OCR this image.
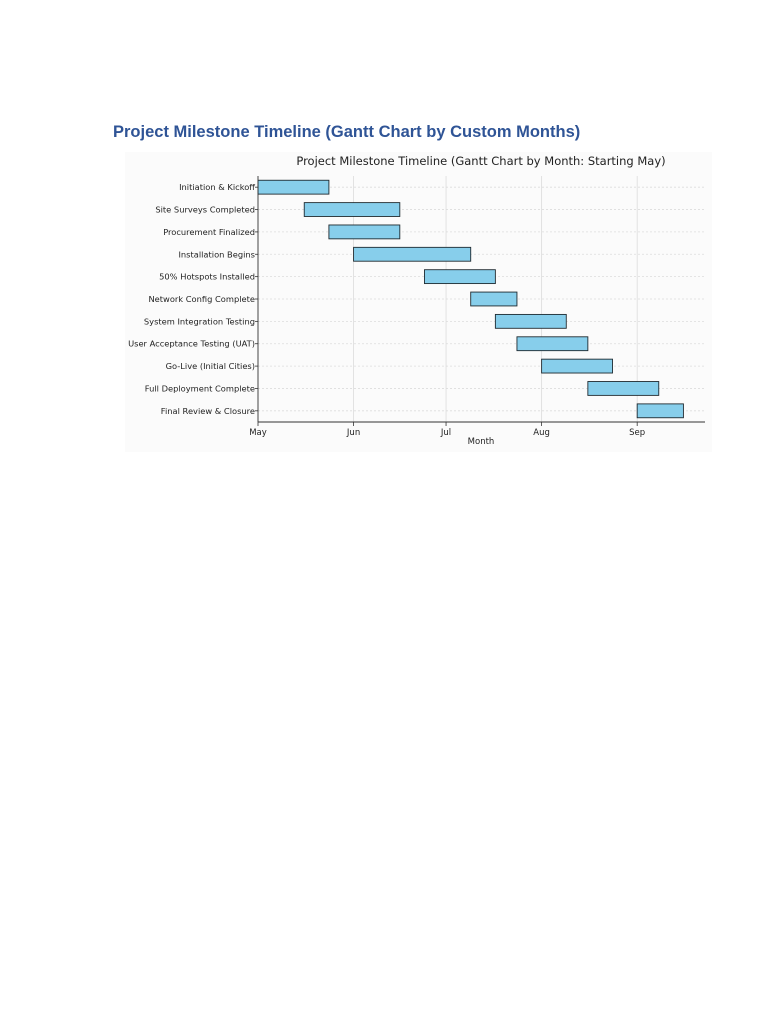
Project Milestone Timeline (Gantt Chart by Custom Months)
Project Milestone Timeline (Gantt Chart by Month: Starting May)
Initiation & Kickoff
Site Surveys Completed
Procurement Finalized
Installation Begins
50% Hotspots Installed
Network Config Complete
System Integration Testing
User Acceptance Testing (UAT)
Go-Live (Initial Cities)
Full Deployment Complete
Final Review & Closure
May	Jun	Jul	Aug	Sep
Month
